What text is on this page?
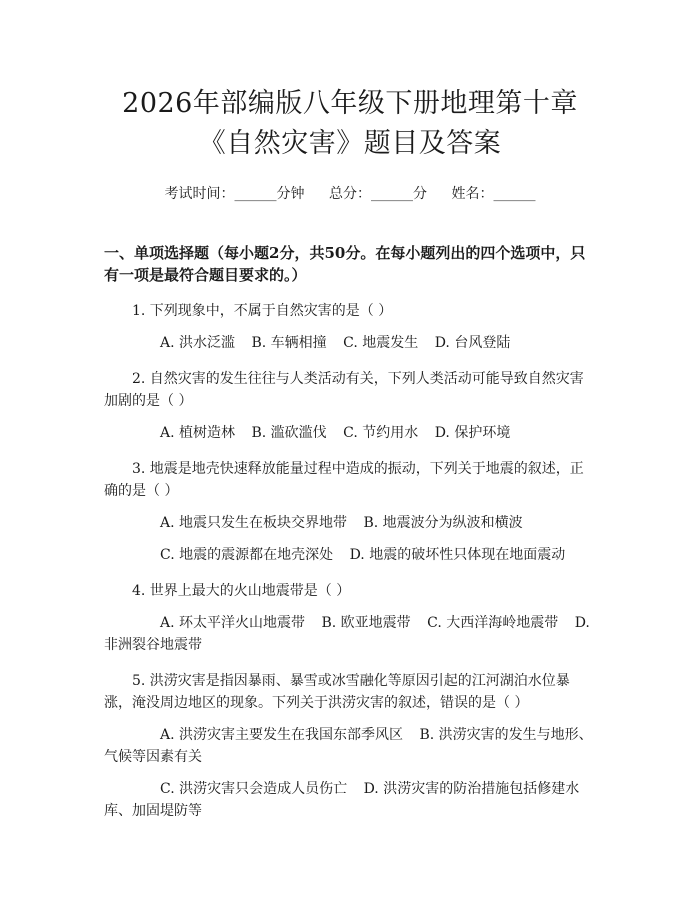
2026年部编版八年级下册地理第十章《自然灾害》题目及答案
考试时间：______分钟 总分：______分 姓名：______
一、单项选择题（每小题2分，共50分。在每小题列出的四个选项中，只有一项是最符合题目要求的。）
1. 下列现象中，不属于自然灾害的是（ ）
A. 洪水泛滥 B. 车辆相撞 C. 地震发生 D. 台风登陆
2. 自然灾害的发生往往与人类活动有关，下列人类活动可能导致自然灾害加剧的是（ ）
A. 植树造林 B. 滥砍滥伐 C. 节约用水 D. 保护环境
3. 地震是地壳快速释放能量过程中造成的振动，下列关于地震的叙述，正确的是（ ）
A. 地震只发生在板块交界地带 B. 地震波分为纵波和横波
C. 地震的震源都在地壳深处 D. 地震的破坏性只体现在地面震动
4. 世界上最大的火山地震带是（ ）
A. 环太平洋火山地震带 B. 欧亚地震带 C. 大西洋海岭地震带 D. 非洲裂谷地震带
5. 洪涝灾害是指因暴雨、暴雪或冰雪融化等原因引起的江河湖泊水位暴涨，淹没周边地区的现象。下列关于洪涝灾害的叙述，错误的是（ ）
A. 洪涝灾害主要发生在我国东部季风区 B. 洪涝灾害的发生与地形、气候等因素有关
C. 洪涝灾害只会造成人员伤亡 D. 洪涝灾害的防治措施包括修建水库、加固堤防等
